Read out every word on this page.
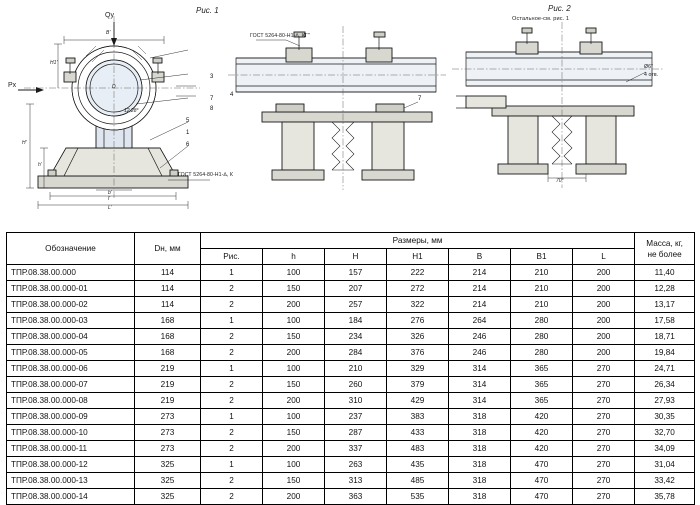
Рис. 1	Рис. 2
Остальное-см. рис. 1
ГОСТ 5264-80-Н1-∆, КГ"
ГОСТ 5264-80-Н1-∆, К
Ø6"
4 отв.
Qy
Px
B'
b'
l'
L'
H'
h'
H1'
D
12,28°
70°
3
7
8
5
1
6
4
7
Обозначение	Dн, мм	Размеры, мм							Масса, кг,
не более

		Рис.	h	H	H1	B	B1	L	
ТПР.08.38.00.000	114	1	100	157	222	214	210	200	11,40
ТПР.08.38.00.000-01	114	2	150	207	272	214	210	200	12,28
ТПР.08.38.00.000-02	114	2	200	257	322	214	210	200	13,17
ТПР.08.38.00.000-03	168	1	100	184	276	264	280	200	17,58
ТПР.08.38.00.000-04	168	2	150	234	326	246	280	200	18,71
ТПР.08.38.00.000-05	168	2	200	284	376	246	280	200	19,84
ТПР.08.38.00.000-06	219	1	100	210	329	314	365	270	24,71
ТПР.08.38.00.000-07	219	2	150	260	379	314	365	270	26,34
ТПР.08.38.00.000-08	219	2	200	310	429	314	365	270	27,93
ТПР.08.38.00.000-09	273	1	100	237	383	318	420	270	30,35
ТПР.08.38.00.000-10	273	2	150	287	433	318	420	270	32,70
ТПР.08.38.00.000-11	273	2	200	337	483	318	420	270	34,09
ТПР.08.38.00.000-12	325	1	100	263	435	318	470	270	31,04
ТПР.08.38.00.000-13	325	2	150	313	485	318	470	270	33,42
ТПР.08.38.00.000-14	325	2	200	363	535	318	470	270	35,78
